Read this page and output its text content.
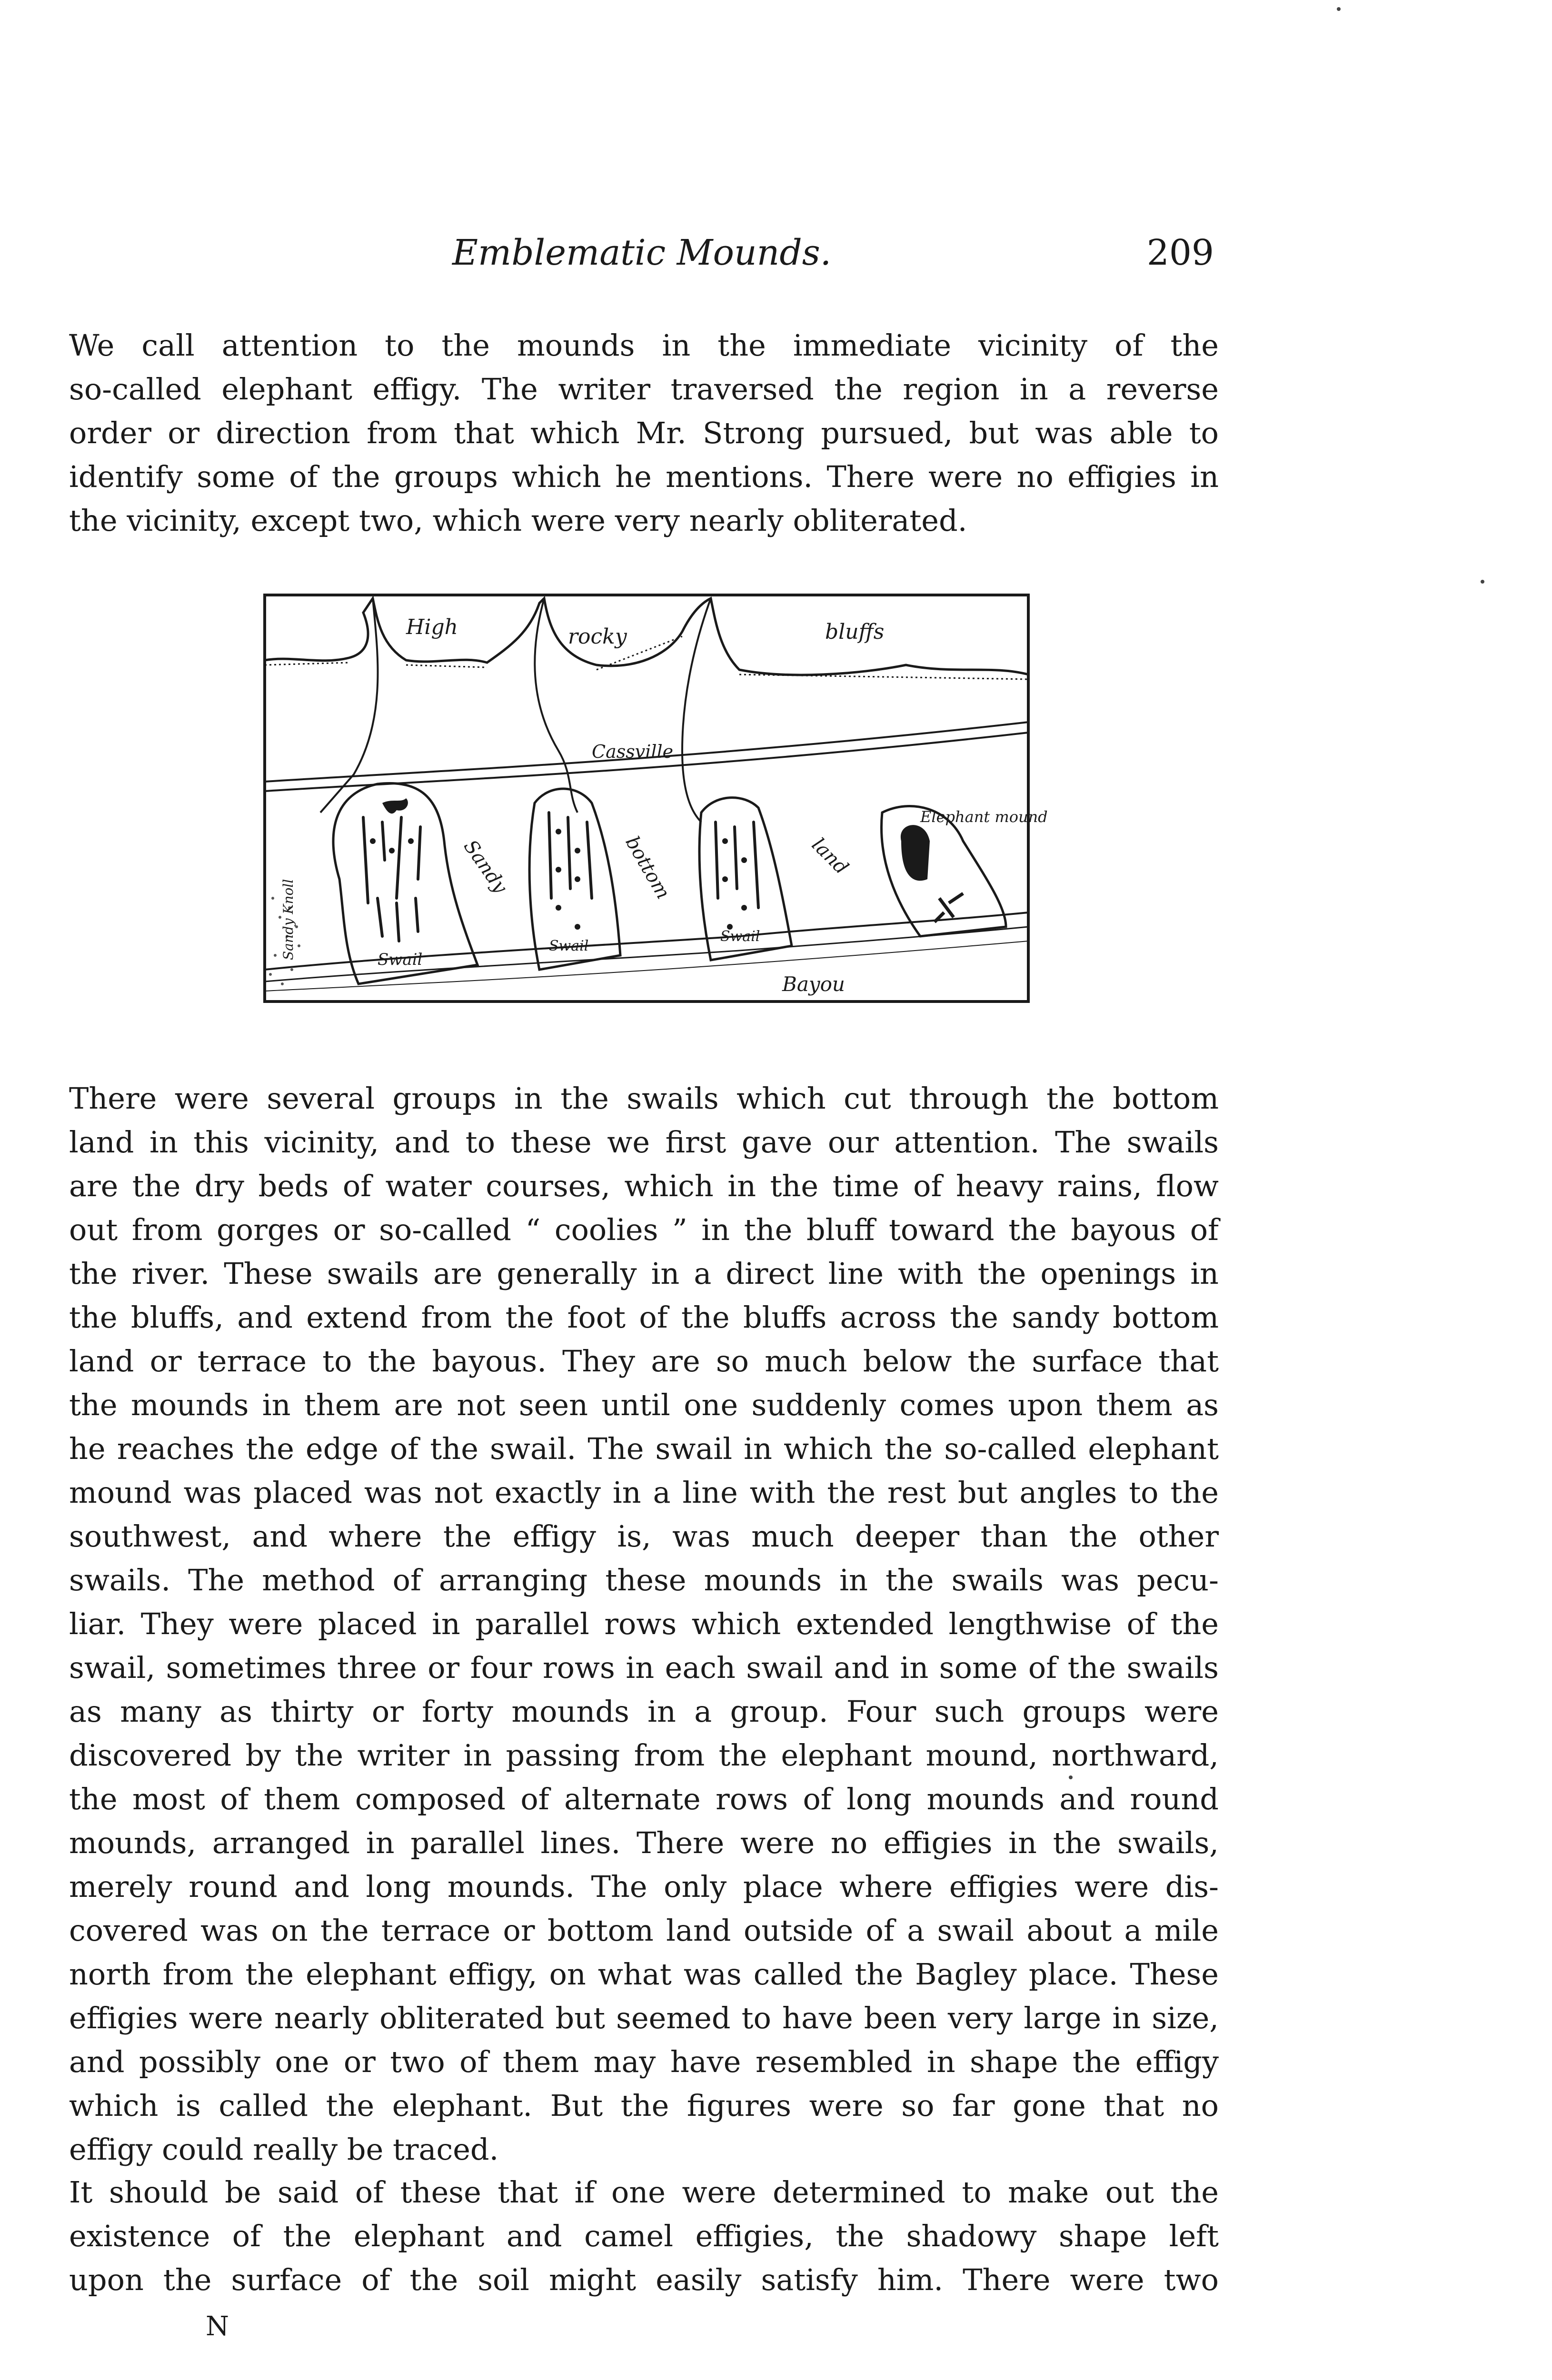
Emblematic Mounds.	209
We call attention to the mounds in the immediate vicinity of the
so-called elephant effigy. The writer traversed the region in a reverse
order or direction from that which Mr. Strong pursued, but was able to
identify some of the groups which he mentions. There were no effigies in
the vicinity, except two, which were very nearly obliterated.
High	rocky	bluffs
Cassville
Sandy	bottom	land
Elephant mound
Swail
Swail
Swail
Bayou
Sandy Knoll
There were several groups in the swails which cut through the bottom
land in this vicinity, and to these we first gave our attention. The swails
are the dry beds of water courses, which in the time of heavy rains, flow
out from gorges or so-called “ coolies ” in the bluff toward the bayous of
the river. These swails are generally in a direct line with the openings in
the bluffs, and extend from the foot of the bluffs across the sandy bottom
land or terrace to the bayous. They are so much below the surface that
the mounds in them are not seen until one suddenly comes upon them as
he reaches the edge of the swail. The swail in which the so-called elephant
mound was placed was not exactly in a line with the rest but angles to the
southwest, and where the effigy is, was much deeper than the other
swails. The method of arranging these mounds in the swails was pecu-
liar. They were placed in parallel rows which extended lengthwise of the
swail, sometimes three or four rows in each swail and in some of the swails
as many as thirty or forty mounds in a group. Four such groups were
discovered by the writer in passing from the elephant mound, northward,
the most of them composed of alternate rows of long mounds and round
mounds, arranged in parallel lines. There were no effigies in the swails,
merely round and long mounds. The only place where effigies were dis-
covered was on the terrace or bottom land outside of a swail about a mile
north from the elephant effigy, on what was called the Bagley place. These
effigies were nearly obliterated but seemed to have been very large in size,
and possibly one or two of them may have resembled in shape the effigy
which is called the elephant. But the figures were so far gone that no
effigy could really be traced.
It should be said of these that if one were determined to make out the
existence of the elephant and camel effigies, the shadowy shape left
upon the surface of the soil might easily satisfy him. There were two
N
